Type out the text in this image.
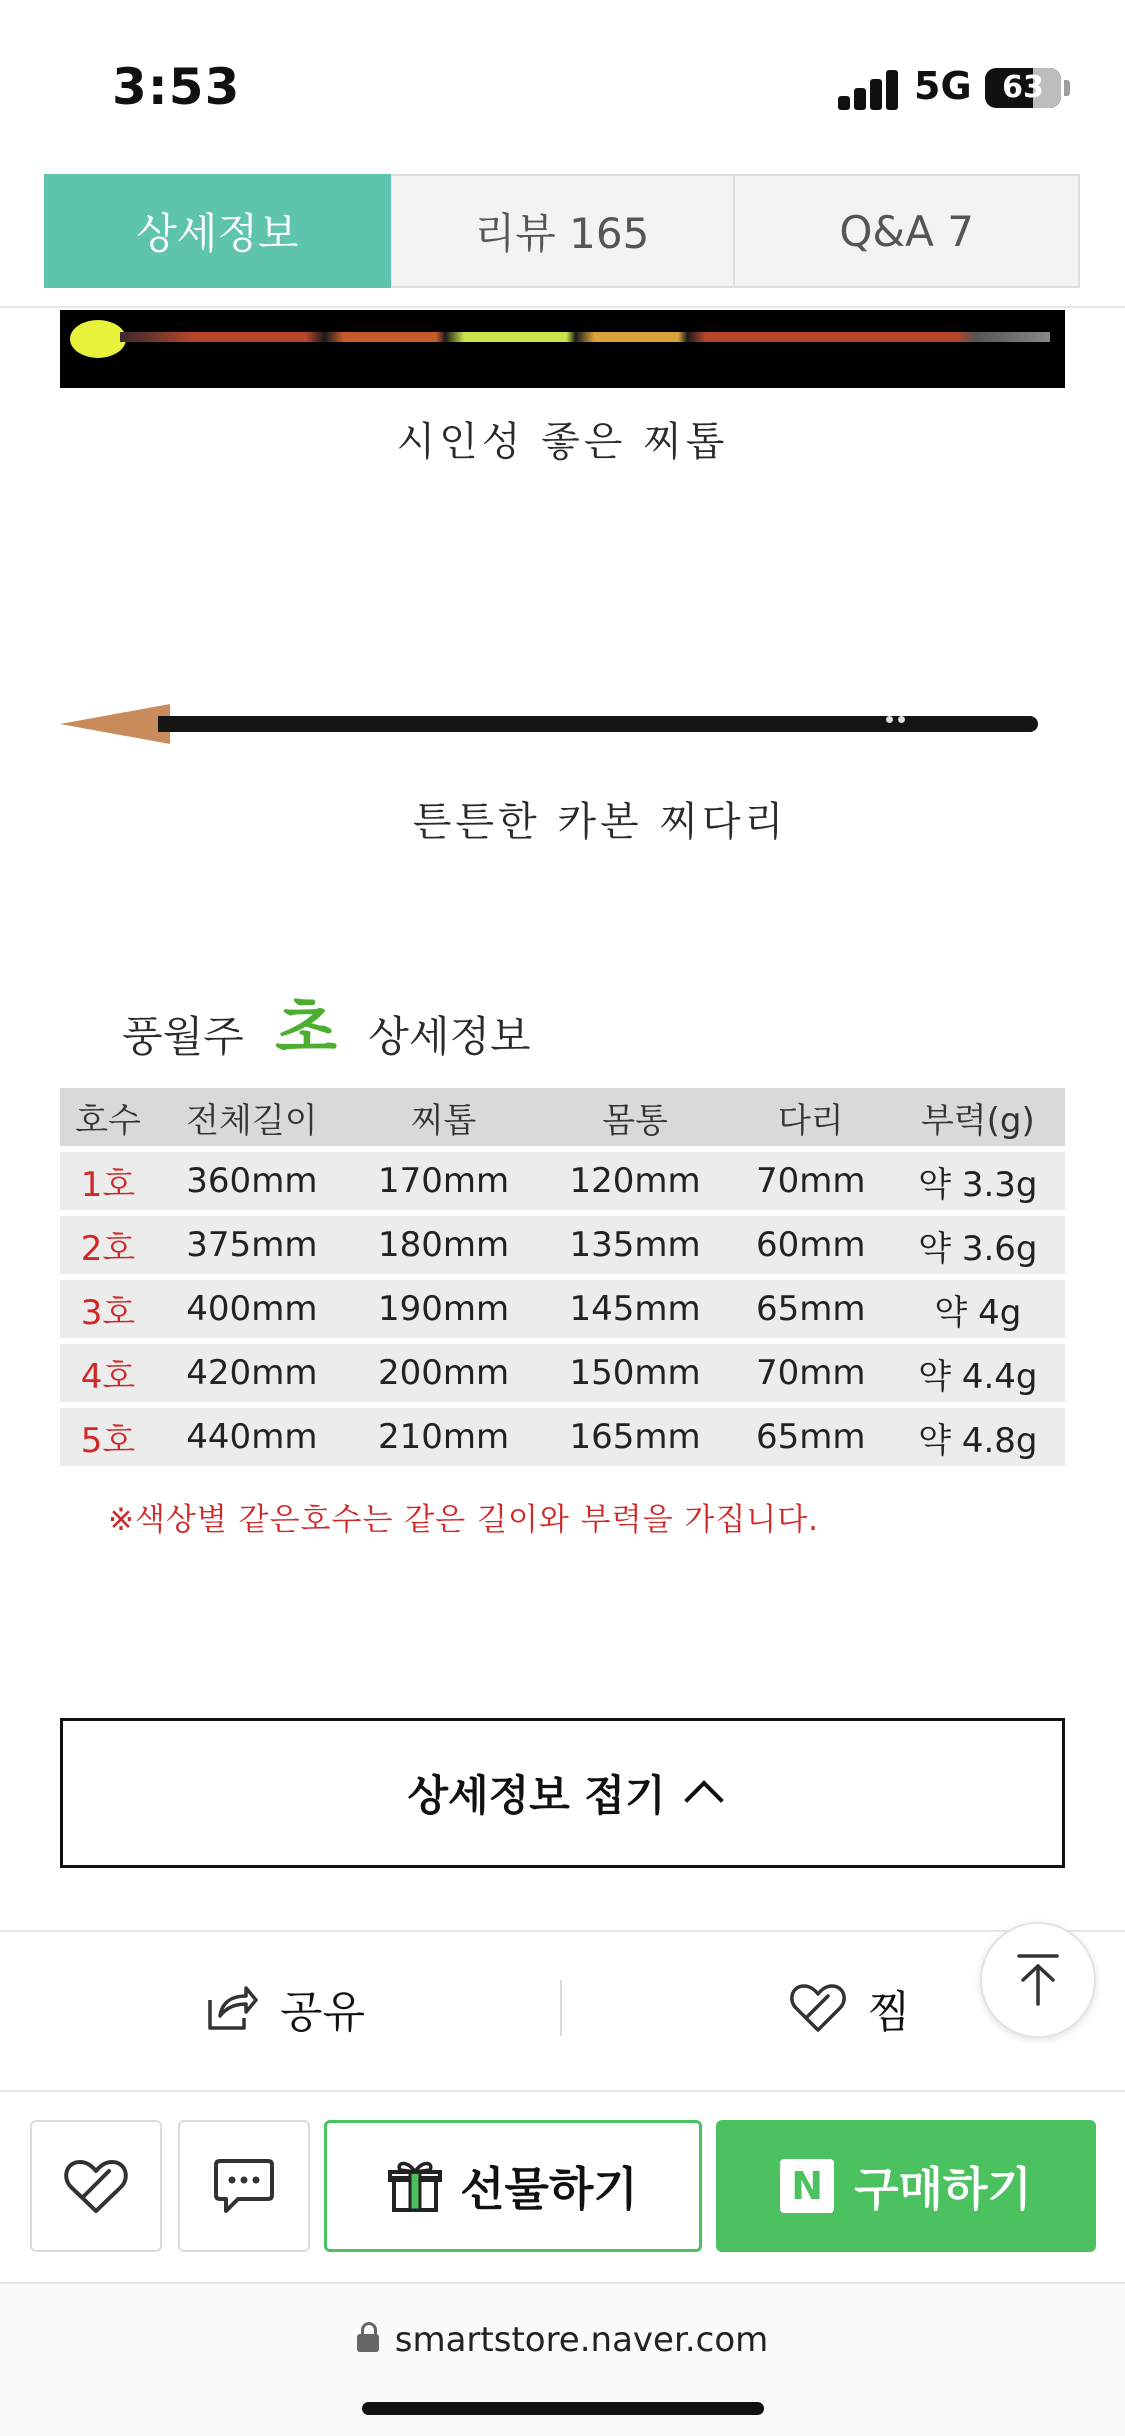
3:53	5G	63
상세정보	리뷰 165	Q&A 7
시인성 좋은 찌톱
튼튼한 카본 찌다리
풍월주 초 상세정보
호수	전체길이	찌톱	몸통	다리	부력(g)
1호	360mm	170mm	120mm	70mm	약 3.3g
2호	375mm	180mm	135mm	60mm	약 3.6g
3호	400mm	190mm	145mm	65mm	약 4g
4호	420mm	200mm	150mm	70mm	약 4.4g
5호	440mm	210mm	165mm	65mm	약 4.8g
※색상별 같은호수는 같은 길이와 부력을 가집니다.
상세정보 접기
공유	찜
선물하기	N 구매하기
smartstore.naver.com
